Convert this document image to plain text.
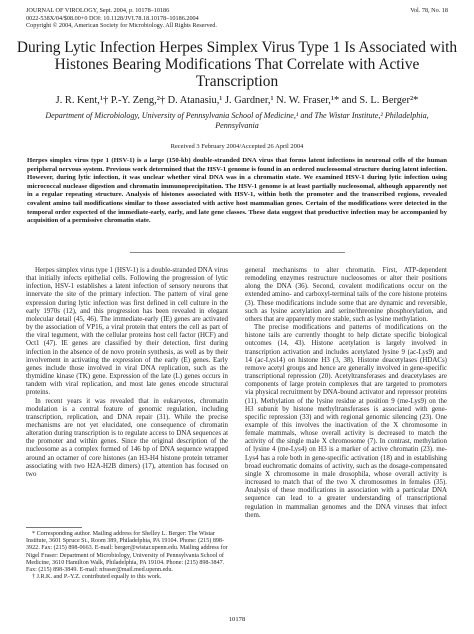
JOURNAL OF VIROLOGY, Sept. 2004, p. 10178–10186
0022-538X/04/$08.00+0 DOI: 10.1128/JVI.78.18.10178–10186.2004
Copyright © 2004, American Society for Microbiology. All Rights Reserved.
Vol. 78, No. 18
During Lytic Infection Herpes Simplex Virus Type 1 Is Associated with Histones Bearing Modifications That Correlate with Active Transcription

J. R. Kent,¹† P.-Y. Zeng,²† D. Atanasiu,¹ J. Gardner,¹ N. W. Fraser,¹* and S. L. Berger²*

Department of Microbiology, University of Pennsylvania School of Medicine,¹ and The Wistar Institute,² Philadelphia, Pennsylvania

Received 3 February 2004/Accepted 26 April 2004

Herpes simplex virus type 1 (HSV-1) is a large (150-kb) double-stranded DNA virus that forms latent infections in neuronal cells of the human peripheral nervous system. Previous work determined that the HSV-1 genome is found in an ordered nucleosomal structure during latent infection. However, during lytic infection, it was unclear whether viral DNA was in a chromatin state. We examined HSV-1 during lytic infection using micrococcal nuclease digestion and chromatin immunoprecipitation. The HSV-1 genome is at least partially nucleosomal, although apparently not in a regular repeating structure. Analysis of histones associated with HSV-1, within both the promoter and the transcribed regions, revealed covalent amino tail modifications similar to those associated with active host mammalian genes. Certain of the modifications were detected in the temporal order expected of the immediate-early, early, and late gene classes. These data suggest that productive infection may be accompanied by acquisition of a permissive chromatin state.

Herpes simplex virus type 1 (HSV-1) is a double-stranded DNA virus that initially infects epithelial cells. Following the progression of lytic infection, HSV-1 establishes a latent infection of sensory neurons that innervate the site of the primary infection. The pattern of viral gene expression during lytic infection was first defined in cell culture in the early 1970s (12), and this progression has been revealed in elegant molecular detail (45, 46). The immediate-early (IE) genes are activated by the association of VP16, a viral protein that enters the cell as part of the viral tegument, with the cellular proteins host cell factor (HCF) and Oct1 (47). IE genes are classified by their detection, first during infection in the absence of de novo protein synthesis, as well as by their involvement in activating the expression of the early (E) genes. Early genes include those involved in viral DNA replication, such as the thymidine kinase (TK) gene. Expression of the late (L) genes occurs in tandem with viral replication, and most late genes encode structural proteins.

In recent years it was revealed that in eukaryotes, chromatin modulation is a central feature of genomic regulation, including transcription, replication, and DNA repair (31). While the precise mechanisms are not yet elucidated, one consequence of chromatin alteration during transcription is to regulate access to DNA sequences at the promoter and within genes. Since the original description of the nucleosome as a complex formed of 146 bp of DNA sequence wrapped around an octamer of core histones (an H3-H4 histone protein tetramer associating with two H2A-H2B dimers) (17), attention has focused on two

general mechanisms to alter chromatin. First, ATP-dependent remodeling enzymes restructure nucleosomes or alter their positions along the DNA (36). Second, covalent modifications occur on the extended amino- and carboxyl-terminal tails of the core histone proteins (3). These modifications include some that are dynamic and reversible, such as lysine acetylation and serine/threonine phosphorylation, and others that are apparently more stable, such as lysine methylation.

The precise modifications and patterns of modifications on the histone tails are currently thought to help dictate specific biological outcomes (14, 43). Histone acetylation is largely involved in transcription activation and includes acetylated lysine 9 (ac-Lys9) and 14 (ac-Lys14) on histone H3 (3, 38). Histone deacetylases (HDACs) remove acetyl groups and hence are generally involved in gene-specific transcriptional repression (20). Acetyltransferases and deacetylases are components of large protein complexes that are targeted to promoters via physical recruitment by DNA-bound activator and repressor proteins (11). Methylation of the lysine residue at position 9 (me-Lys9) on the H3 subunit by histone methyltransferases is associated with gene-specific repression (33) and with regional genomic silencing (23). One example of this involves the inactivation of the X chromosome in female mammals, whose overall activity is decreased to match the activity of the single male X chromosome (7). In contrast, methylation of lysine 4 (me-Lys4) on H3 is a marker of active chromatin (23). me-Lys4 has a role both in gene-specific activation (18) and in establishing broad euchromatic domains of activity, such as the dosage-compensated single X chromosome in male drosophila, whose overall activity is increased to match that of the two X chromosomes in females (35). Analysis of these modifications in association with a particular DNA sequence can lead to a greater understanding of transcriptional regulation in mammalian genomes and the DNA viruses that infect them.

* Corresponding author. Mailing address for Shelley L. Berger: The Wistar Institute, 3601 Spruce St., Room 389, Philadelphia, PA 19104. Phone: (215) 898-3922. Fax: (215) 898-0663. E-mail: berger@wistar.upenn.edu. Mailing address for Nigel Fraser: Department of Microbiology, University of Pennsylvania School of Medicine, 3610 Hamilton Walk, Philadelphia, PA 19104. Phone: (215) 898-3847. Fax: (215) 898-3849. E-mail: nfraser@mail.med.upenn.edu.

† J.R.K. and P.-Y.Z. contributed equally to this work.

10178
